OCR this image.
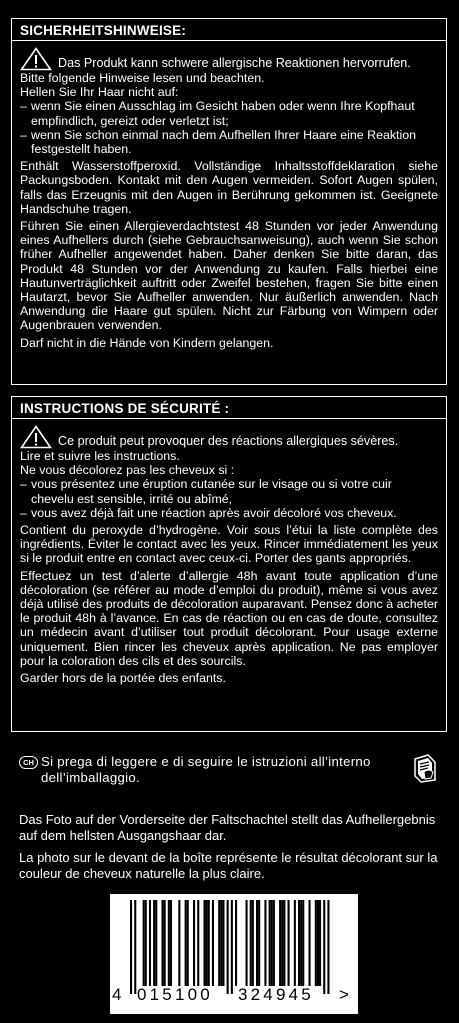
SICHERHEITSHINWEISE:
Das Produkt kann schwere allergische Reaktionen hervorrufen.

Bitte folgende Hinweise lesen und beachten.

Hellen Sie Ihr Haar nicht auf:

– wenn Sie einen Ausschlag im Gesicht haben oder wenn Ihre Kopfhaut empfindlich, gereizt oder verletzt ist;
– wenn Sie schon einmal nach dem Aufhellen Ihrer Haare eine Reaktion festgestellt haben.

Enthält Wasserstoffperoxid. Vollständige Inhaltsstoffdeklaration siehe Packungsboden. Kontakt mit den Augen vermeiden. Sofort Augen spülen, falls das Erzeugnis mit den Augen in Berührung gekommen ist. Geeignete Handschuhe tragen.

Führen Sie einen Allergieverdachtstest 48 Stunden vor jeder Anwendung eines Aufhellers durch (siehe Gebrauchsanweisung), auch wenn Sie schon früher Aufheller angewendet haben. Daher denken Sie bitte daran, das Produkt 48 Stunden vor der Anwendung zu kaufen. Falls hierbei eine Hautunverträglichkeit auftritt oder Zweifel bestehen, fragen Sie bitte einen Hautarzt, bevor Sie Aufheller anwenden. Nur äußerlich anwenden. Nach Anwendung die Haare gut spülen. Nicht zur Färbung von Wimpern oder Augenbrauen verwenden.

Darf nicht in die Hände von Kindern gelangen.

INSTRUCTIONS DE SÉCURITÉ :
Ce produit peut provoquer des réactions allergiques sévères.

Lire et suivre les instructions.

Ne vous décolorez pas les cheveux si :

– vous présentez une éruption cutanée sur le visage ou si votre cuir chevelu est sensible, irrité ou abîmé,
– vous avez déjà fait une réaction après avoir décoloré vos cheveux.

Contient du peroxyde d’hydrogène. Voir sous l’étui la liste complète des ingrédients. Éviter le contact avec les yeux. Rincer immédiatement les yeux si le produit entre en contact avec ceux-ci. Porter des gants appropriés.

Effectuez un test d’alerte d’allergie 48h avant toute application d’une décoloration (se référer au mode d’emploi du produit), même si vous avez déjà utilisé des produits de décoloration auparavant. Pensez donc à acheter le produit 48h à l’avance. En cas de réaction ou en cas de doute, consultez un médecin avant d’utiliser tout produit décolorant. Pour usage externe uniquement. Bien rincer les cheveux après application. Ne pas employer pour la coloration des cils et des sourcils.

Garder hors de la portée des enfants.

CH Si prega di leggere e di seguire le istruzioni all’interno dell’imballaggio.
Das Foto auf der Vorderseite der Faltschachtel stellt das Aufhellergebnis auf dem hellsten Ausgangshaar dar.
La photo sur le devant de la boîte représente le résultat décolorant sur la couleur de cheveux naturelle la plus claire.
4 015100 324945 >
